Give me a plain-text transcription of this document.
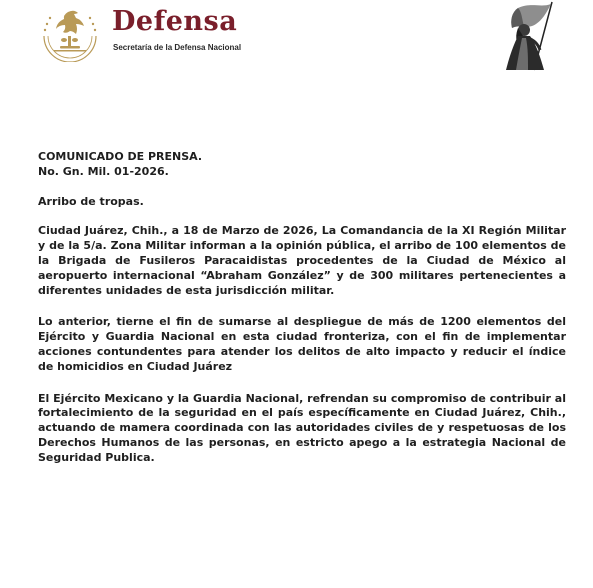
Defensa
Secretaría de la Defensa Nacional

COMUNICADO DE PRENSA.

No. Gn. Mil. 01-2026.

Arribo de tropas.

Ciudad Juárez, Chih., a 18 de Marzo de 2026, La Comandancia de la XI Región Militar y de la 5/a. Zona Militar informan a la opinión pública, el arribo de 100 elementos de la Brigada de Fusileros Paracaidistas procedentes de la Ciudad de México al aeropuerto internacional “Abraham González” y de 300 militares pertenecientes a diferentes unidades de esta jurisdicción militar.

Lo anterior, tierne el fin de sumarse al despliegue de más de 1200 elementos del Ejército y Guardia Nacional en esta ciudad fronteriza, con el fin de implementar acciones contundentes para atender los delitos de alto impacto y reducir el índice de homicidios en Ciudad Juárez

El Ejército Mexicano y la Guardia Nacional, refrendan su compromiso de contribuir al fortalecimiento de la seguridad en el país específicamente en Ciudad Juárez, Chih., actuando de mamera coordinada con las autoridades civiles de y respetuosas de los Derechos Humanos de las personas, en estricto apego a la estrategia Nacional de Seguridad Publica.
